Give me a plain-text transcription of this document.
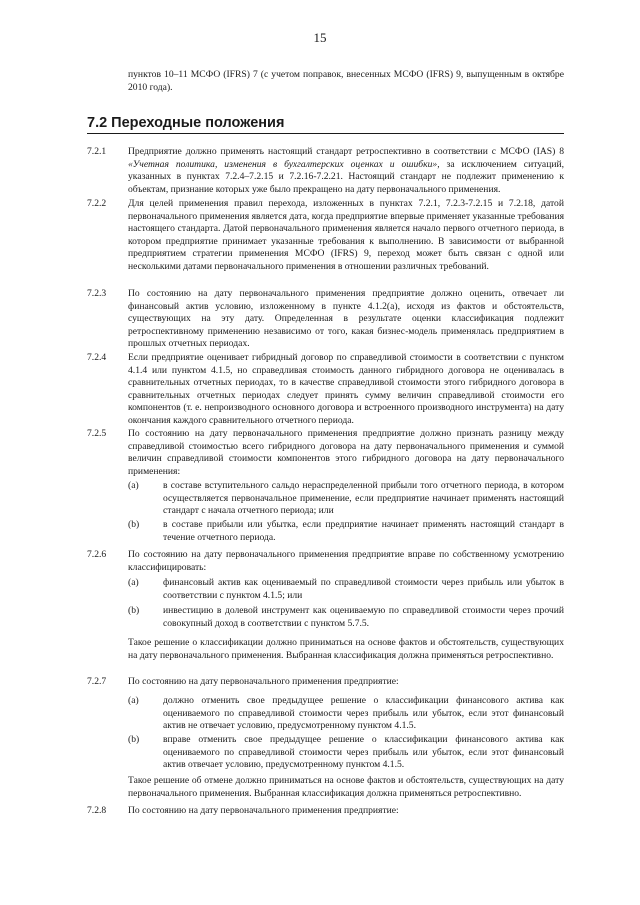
15
пунктов 10–11 МСФО (IFRS) 7 (с учетом поправок, внесенных МСФО (IFRS) 9, выпущенным в октябре 2010 года).
7.2 Переходные положения
7.2.1 Предприятие должно применять настоящий стандарт ретроспективно в соответствии с МСФО (IAS) 8 «Учетная политика, изменения в бухгалтерских оценках и ошибки», за исключением ситуаций, указанных в пунктах 7.2.4–7.2.15 и 7.2.16-7.2.21. Настоящий стандарт не подлежит применению к объектам, признание которых уже было прекращено на дату первоначального применения.
7.2.2 Для целей применения правил перехода, изложенных в пунктах 7.2.1, 7.2.3-7.2.15 и 7.2.18, датой первоначального применения является дата, когда предприятие впервые применяет указанные требования настоящего стандарта. Датой первоначального применения является начало первого отчетного периода, в котором предприятие принимает указанные требования к выполнению. В зависимости от выбранной предприятием стратегии применения МСФО (IFRS) 9, переход может быть связан с одной или несколькими датами первоначального применения в отношении различных требований.
7.2.3 По состоянию на дату первоначального применения предприятие должно оценить, отвечает ли финансовый актив условию, изложенному в пункте 4.1.2(a), исходя из фактов и обстоятельств, существующих на эту дату. Определенная в результате оценки классификация подлежит ретроспективному применению независимо от того, какая бизнес-модель применялась предприятием в прошлых отчетных периодах.
7.2.4 Если предприятие оценивает гибридный договор по справедливой стоимости в соответствии с пунктом 4.1.4 или пунктом 4.1.5, но справедливая стоимость данного гибридного договора не оценивалась в сравнительных отчетных периодах, то в качестве справедливой стоимости этого гибридного договора в сравнительных отчетных периодах следует принять сумму величин справедливой стоимости его компонентов (т. е. непроизводного основного договора и встроенного производного инструмента) на дату окончания каждого сравнительного отчетного периода.
7.2.5 По состоянию на дату первоначального применения предприятие должно признать разницу между справедливой стоимостью всего гибридного договора на дату первоначального применения и суммой величин справедливой стоимости компонентов этого гибридного договора на дату первоначального применения:
(a)	в составе вступительного сальдо нераспределенной прибыли того отчетного периода, в котором осуществляется первоначальное применение, если предприятие начинает применять настоящий стандарт с начала отчетного периода; или
(b) в составе прибыли или убытка, если предприятие начинает применять настоящий стандарт в течение отчетного периода.
7.2.6 По состоянию на дату первоначального применения предприятие вправе по собственному усмотрению классифицировать:
(a)	финансовый актив как оцениваемый по справедливой стоимости через прибыль или убыток в соответствии с пунктом 4.1.5; или
(b) инвестицию в долевой инструмент как оцениваемую по справедливой стоимости через прочий совокупный доход в соответствии с пунктом 5.7.5.
Такое решение о классификации должно приниматься на основе фактов и обстоятельств, существующих на дату первоначального применения. Выбранная классификация должна применяться ретроспективно.
7.2.7 По состоянию на дату первоначального применения предприятие:
(a)	должно отменить свое предыдущее решение о классификации финансового актива как оцениваемого по справедливой стоимости через прибыль или убыток, если этот финансовый актив не отвечает условию, предусмотренному пунктом 4.1.5.
(b) вправе отменить свое предыдущее решение о классификации финансового актива как оцениваемого по справедливой стоимости через прибыль или убыток, если этот финансовый актив отвечает условию, предусмотренному пунктом 4.1.5.
Такое решение об отмене должно приниматься на основе фактов и обстоятельств, существующих на дату первоначального применения. Выбранная классификация должна применяться ретроспективно.
7.2.8 По состоянию на дату первоначального применения предприятие:
